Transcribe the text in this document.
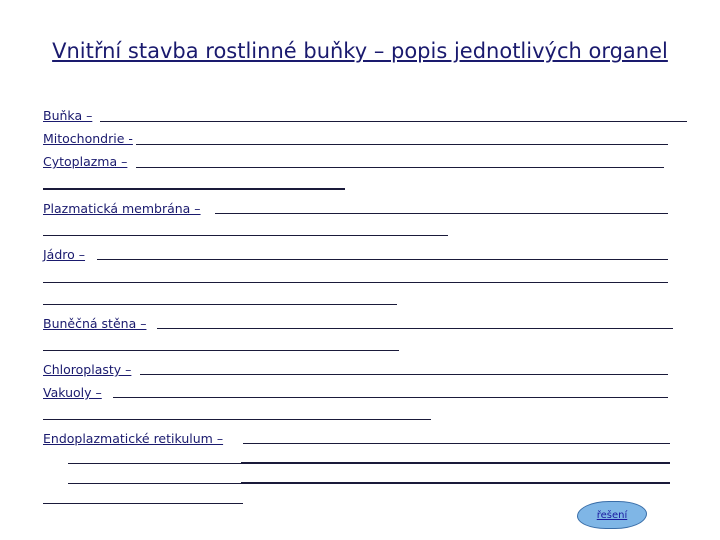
Vnitřní stavba rostlinné buňky – popis jednotlivých organel
Buňka –
Mitochondrie -
Cytoplazma –
Plazmatická membrána –
Jádro –
Buněčná stěna –
Chloroplasty –
Vakuoly –
Endoplazmatické retikulum –
řešení
